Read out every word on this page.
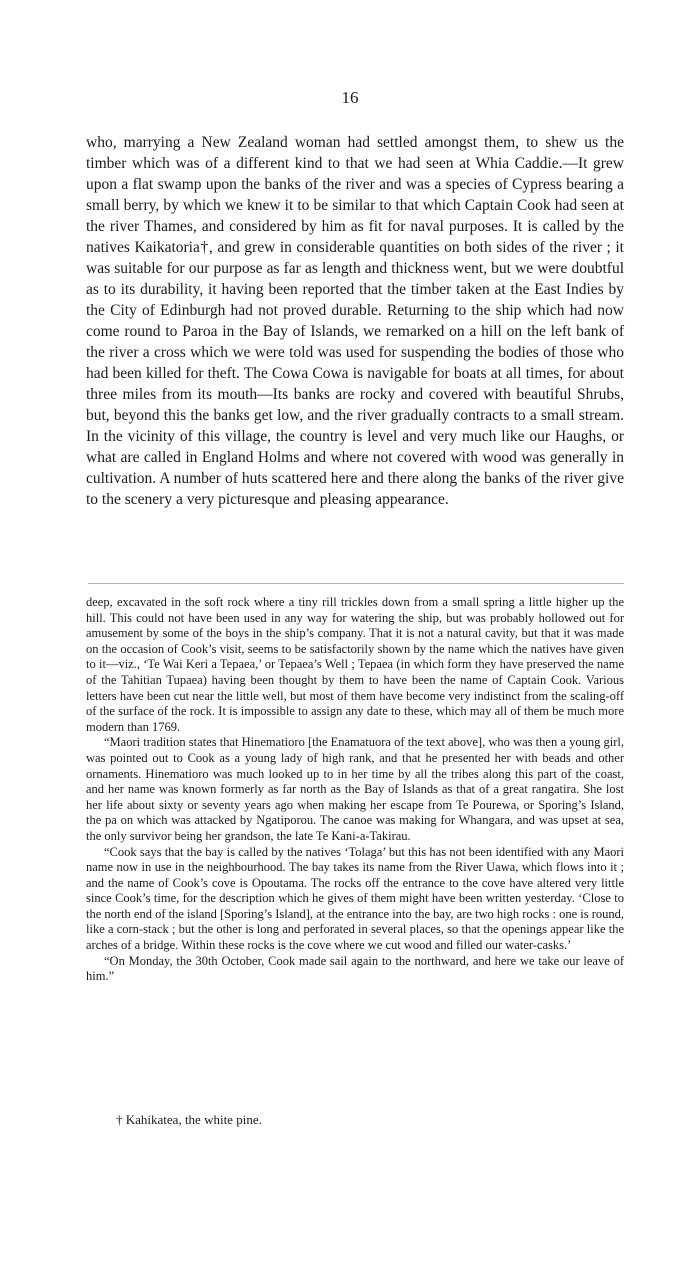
16

who, marrying a New Zealand woman had settled amongst them, to shew us the timber which was of a different kind to that we had seen at Whia Caddie.—It grew upon a flat swamp upon the banks of the river and was a species of Cypress bearing a small berry, by which we knew it to be similar to that which Captain Cook had seen at the river Thames, and considered by him as fit for naval purposes. It is called by the natives Kaikatoria†, and grew in considerable quantities on both sides of the river ; it was suitable for our purpose as far as length and thickness went, but we were doubtful as to its durability, it having been reported that the timber taken at the East Indies by the City of Edinburgh had not proved durable. Returning to the ship which had now come round to Paroa in the Bay of Islands, we remarked on a hill on the left bank of the river a cross which we were told was used for suspending the bodies of those who had been killed for theft. The Cowa Cowa is navigable for boats at all times, for about three miles from its mouth—Its banks are rocky and covered with beautiful Shrubs, but, beyond this the banks get low, and the river gradually contracts to a small stream. In the vicinity of this village, the country is level and very much like our Haughs, or what are called in England Holms and where not covered with wood was generally in cultivation. A number of huts scattered here and there along the banks of the river give to the scenery a very picturesque and pleasing appearance.

deep, excavated in the soft rock where a tiny rill trickles down from a small spring a little higher up the hill. This could not have been used in any way for watering the ship, but was probably hollowed out for amusement by some of the boys in the ship’s company. That it is not a natural cavity, but that it was made on the occasion of Cook’s visit, seems to be satisfactorily shown by the name which the natives have given to it—viz., ‘Te Wai Keri a Tepaea,’ or Tepaea’s Well ; Tepaea (in which form they have preserved the name of the Tahitian Tupaea) having been thought by them to have been the name of Captain Cook. Various letters have been cut near the little well, but most of them have become very indistinct from the scaling-off of the surface of the rock. It is impossible to assign any date to these, which may all of them be much more modern than 1769.

“Maori tradition states that Hinematioro [the Enamatuora of the text above], who was then a young girl, was pointed out to Cook as a young lady of high rank, and that he presented her with beads and other ornaments. Hinematioro was much looked up to in her time by all the tribes along this part of the coast, and her name was known formerly as far north as the Bay of Islands as that of a great rangatira. She lost her life about sixty or seventy years ago when making her escape from Te Pourewa, or Sporing’s Island, the pa on which was attacked by Ngatiporou. The canoe was making for Whangara, and was upset at sea, the only survivor being her grandson, the late Te Kani-a-Takirau.

“Cook says that the bay is called by the natives ‘Tolaga’ but this has not been identified with any Maori name now in use in the neighbourhood. The bay takes its name from the River Uawa, which flows into it ; and the name of Cook’s cove is Opoutama. The rocks off the entrance to the cove have altered very little since Cook’s time, for the description which he gives of them might have been written yesterday. ‘Close to the north end of the island [Sporing’s Island], at the entrance into the bay, are two high rocks : one is round, like a corn-stack ; but the other is long and perforated in several places, so that the openings appear like the arches of a bridge. Within these rocks is the cove where we cut wood and filled our water-casks.’

“On Monday, the 30th October, Cook made sail again to the northward, and here we take our leave of him.”

† Kahikatea, the white pine.
